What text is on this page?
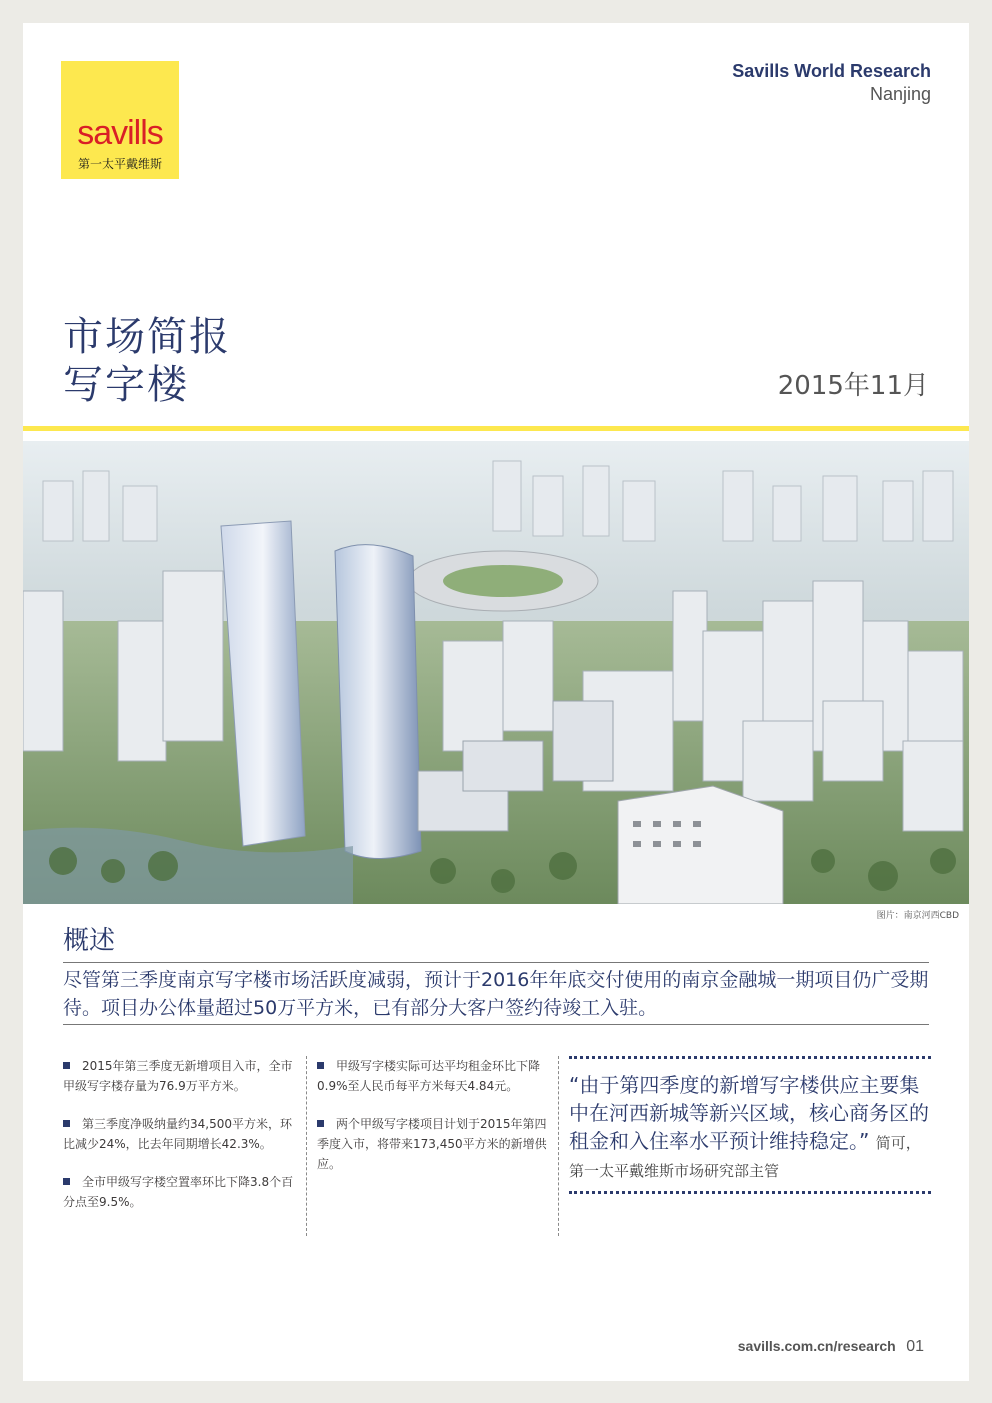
savills
第一太平戴维斯
Savills World Research
Nanjing
市场简报
写字楼	2015年11月
图片：南京河西CBD
概述
尽管第三季度南京写字楼市场活跃度减弱，预计于2016年年底交付使用的南京金融城一期项目仍广受期待。项目办公体量超过50万平方米，已有部分大客户签约待竣工入驻。
2015年第三季度无新增项目入市，全市甲级写字楼存量为76.9万平方米。
第三季度净吸纳量约34,500平方米，环比减少24%，比去年同期增长42.3%。
全市甲级写字楼空置率环比下降3.8个百分点至9.5%。
甲级写字楼实际可达平均租金环比下降0.9%至人民币每平方米每天4.84元。
两个甲级写字楼项目计划于2015年第四季度入市，将带来173,450平方米的新增供应。
“由于第四季度的新增写字楼供应主要集中在河西新城等新兴区域，核心商务区的租金和入住率水平预计维持稳定。” 简可，第一太平戴维斯市场研究部主管
savills.com.cn/research 01
